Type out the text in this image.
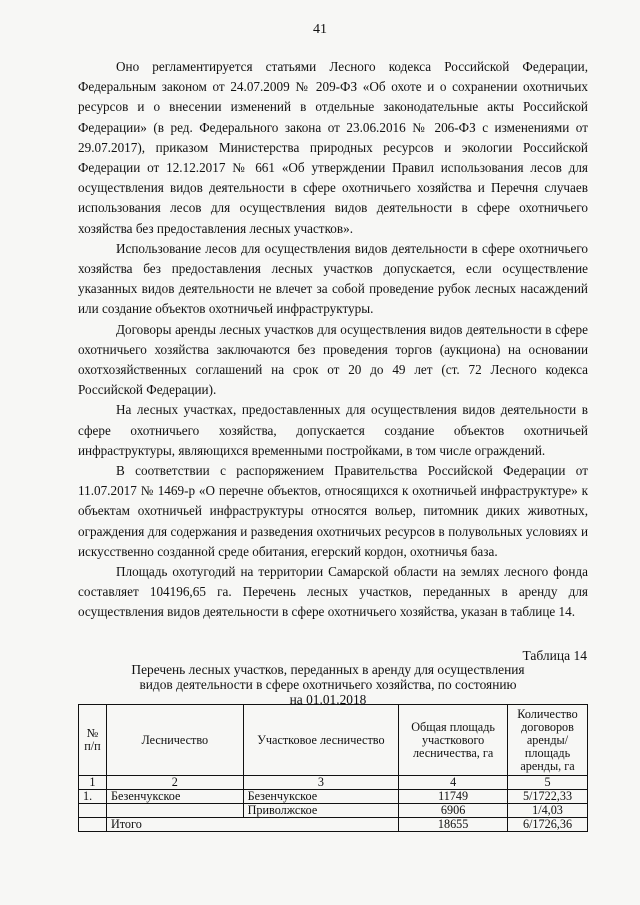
41

Оно регламентируется статьями Лесного кодекса Российской Федерации, Федеральным законом от 24.07.2009 № 209-ФЗ «Об охоте и о сохранении охотничьих ресурсов и о внесении изменений в отдельные законодательные акты Российской Федерации» (в ред. Федерального закона от 23.06.2016 № 206-ФЗ с изменениями от 29.07.2017), приказом Министерства природных ресурсов и экологии Российской Федерации от 12.12.2017 № 661 «Об утверждении Правил использования лесов для осуществления видов деятельности в сфере охотничьего хозяйства и Перечня случаев использования лесов для осуществления видов деятельности в сфере охотничьего хозяйства без предоставления лесных участков».

Использование лесов для осуществления видов деятельности в сфере охотничьего хозяйства без предоставления лесных участков допускается, если осуществление указанных видов деятельности не влечет за собой проведение рубок лесных насаждений или создание объектов охотничьей инфраструктуры.

Договоры аренды лесных участков для осуществления видов деятельности в сфере охотничьего хозяйства заключаются без проведения торгов (аукциона) на основании охотхозяйственных соглашений на срок от 20 до 49 лет (ст. 72 Лесного кодекса Российской Федерации).

На лесных участках, предоставленных для осуществления видов деятельности в сфере охотничьего хозяйства, допускается создание объектов охотничьей инфраструктуры, являющихся временными постройками, в том числе ограждений.

В соответствии с распоряжением Правительства Российской Федерации от 11.07.2017 № 1469-р «О перечне объектов, относящихся к охотничьей инфраструктуре» к объектам охотничьей инфраструктуры относятся вольер, питомник диких животных, ограждения для содержания и разведения охотничьих ресурсов в полувольных условиях и искусственно созданной среде обитания, егерский кордон, охотничья база.

Площадь охотугодий на территории Самарской области на землях лесного фонда составляет 104196,65 га. Перечень лесных участков, переданных в аренду для осуществления видов деятельности в сфере охотничьего хозяйства, указан в таблице 14.

Таблица 14
Перечень лесных участков, переданных в аренду для осуществления
видов деятельности в сфере охотничьего хозяйства, по состоянию
на 01.01.2018
№ п/п	Лесничество	Участковое лесничество	Общая площадь участкового лесничества, га	Количество договоров аренды/ площадь аренды, га
1	2	3	4	5
1.	Безенчукское	Безенчукское	11749	5/1722,33
		Приволжское	6906	1/4,03
	Итого		18655	6/1726,36
